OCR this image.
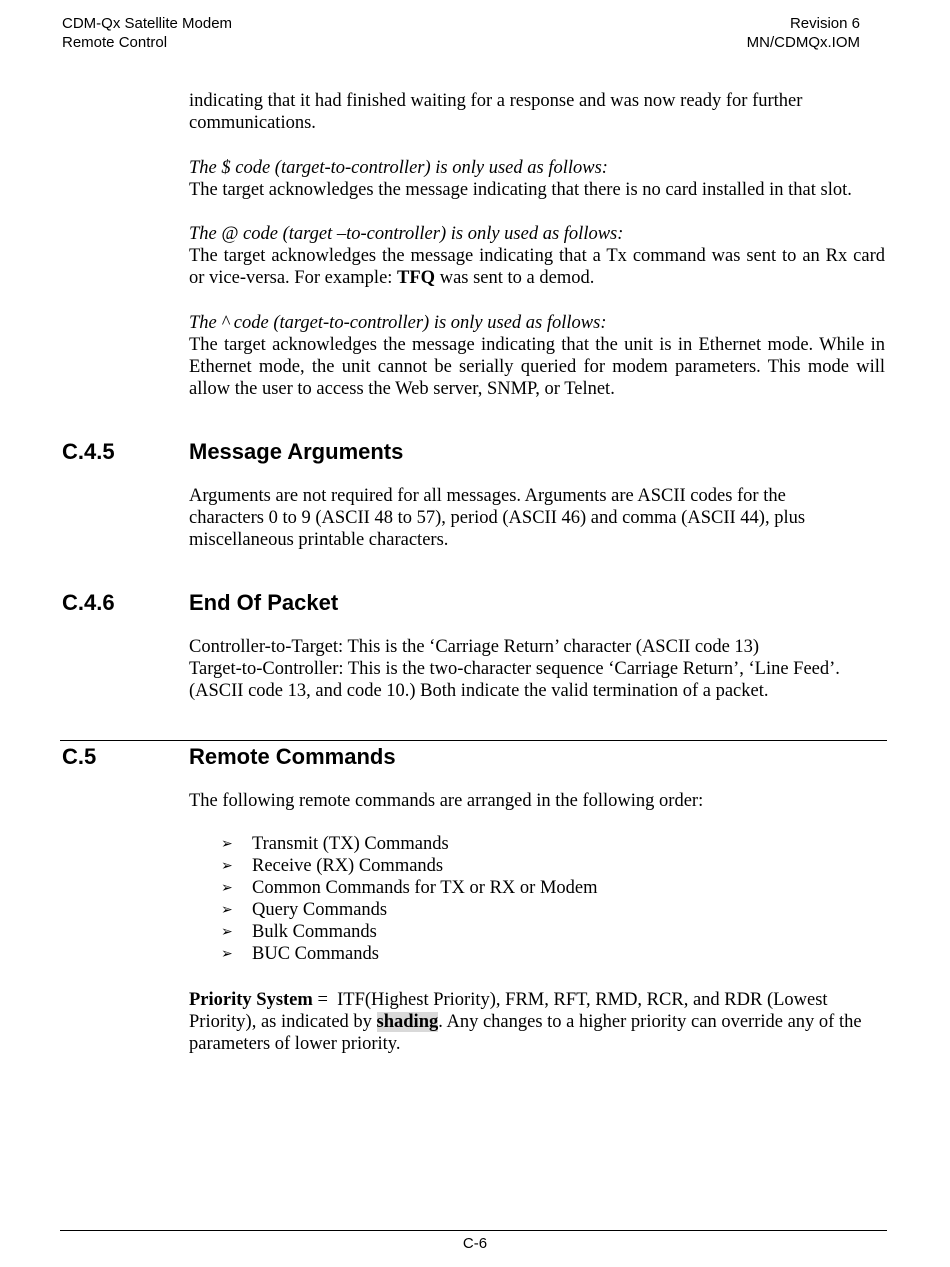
CDM-Qx Satellite Modem
Remote Control
Revision 6
MN/CDMQx.IOM
indicating that it had finished waiting for a response and was now ready for further communications.
The $ code (target-to-controller) is only used as follows:
The target acknowledges the message indicating that there is no card installed in that slot.
The @ code (target –to-controller) is only used as follows:
The target acknowledges the message indicating that a Tx command was sent to an Rx card or vice-versa. For example: TFQ was sent to a demod.
The ^ code (target-to-controller) is only used as follows:
The target acknowledges the message indicating that the unit is in Ethernet mode. While in Ethernet mode, the unit cannot be serially queried for modem parameters. This mode will allow the user to access the Web server, SNMP, or Telnet.
C.4.5	Message Arguments
Arguments are not required for all messages. Arguments are ASCII codes for the characters 0 to 9 (ASCII 48 to 57), period (ASCII 46) and comma (ASCII 44), plus miscellaneous printable characters.
C.4.6	End Of Packet
Controller-to-Target: This is the ‘Carriage Return’ character (ASCII code 13)
Target-to-Controller: This is the two-character sequence ‘Carriage Return’, ‘Line Feed’.
(ASCII code 13, and code 10.) Both indicate the valid termination of a packet.
C.5	Remote Commands
The following remote commands are arranged in the following order:
➢ Transmit (TX) Commands
➢ Receive (RX) Commands
➢ Common Commands for TX or RX or Modem
➢ Query Commands
➢ Bulk Commands
➢ BUC Commands
Priority System =  ITF(Highest Priority), FRM, RFT, RMD, RCR, and RDR (Lowest Priority), as indicated by shading. Any changes to a higher priority can override any of the parameters of lower priority.
C-6
